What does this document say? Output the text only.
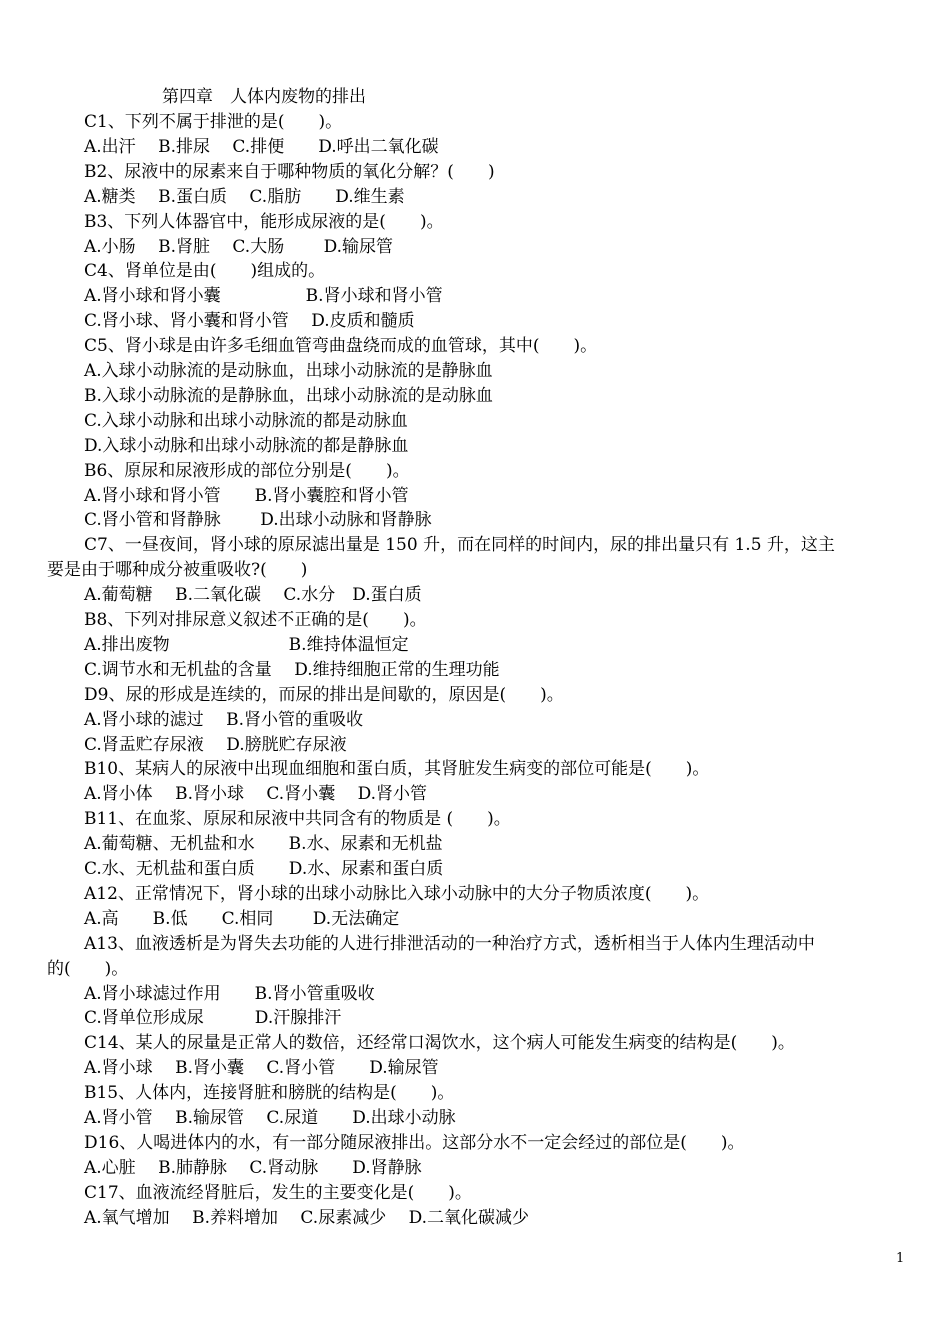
第四章　人体内废物的排出
C1、下列不属于排泄的是(　　)。
A.出汗　 B.排尿　 C.排便　　D.呼出二氧化碳
B2、尿液中的尿素来自于哪种物质的氧化分解？(　　)
A.糖类　 B.蛋白质　 C.脂肪　　D.维生素
B3、下列人体器官中，能形成尿液的是(　　)。
A.小肠　 B.肾脏　 C.大肠　　 D.输尿管
C4、肾单位是由(　　)组成的。
A.肾小球和肾小囊　　　　　B.肾小球和肾小管
C.肾小球、肾小囊和肾小管　 D.皮质和髓质
C5、肾小球是由许多毛细血管弯曲盘绕而成的血管球，其中(　　)。
A.入球小动脉流的是动脉血，出球小动脉流的是静脉血
B.入球小动脉流的是静脉血，出球小动脉流的是动脉血
C.入球小动脉和出球小动脉流的都是动脉血
D.入球小动脉和出球小动脉流的都是静脉血
B6、原尿和尿液形成的部位分别是(　　)。
A.肾小球和肾小管　　B.肾小囊腔和肾小管
C.肾小管和肾静脉　　 D.出球小动脉和肾静脉
C7、一昼夜间，肾小球的原尿滤出量是 150 升，而在同样的时间内，尿的排出量只有 1.5 升，这主
要是由于哪种成分被重吸收?(　　)
A.葡萄糖　 B.二氧化碳　 C.水分　D.蛋白质
B8、下列对排尿意义叙述不正确的是(　　)。
A.排出废物　　　　　　　B.维持体温恒定
C.调节水和无机盐的含量　 D.维持细胞正常的生理功能
D9、尿的形成是连续的，而尿的排出是间歇的，原因是(　　)。
A.肾小球的滤过　 B.肾小管的重吸收
C.肾盂贮存尿液　 D.膀胱贮存尿液
B10、某病人的尿液中出现血细胞和蛋白质，其肾脏发生病变的部位可能是(　　)。
A.肾小体　 B.肾小球　 C.肾小囊　 D.肾小管
B11、在血浆、原尿和尿液中共同含有的物质是 (　　)。
A.葡萄糖、无机盐和水　　B.水、尿素和无机盐
C.水、无机盐和蛋白质　　D.水、尿素和蛋白质
A12、正常情况下，肾小球的出球小动脉比入球小动脉中的大分子物质浓度(　　)。
A.高　　B.低　　C.相同　　 D.无法确定
A13、血液透析是为肾失去功能的人进行排泄活动的一种治疗方式，透析相当于人体内生理活动中
的(　　)。
A.肾小球滤过作用　　B.肾小管重吸收
C.肾单位形成尿　　　D.汗腺排汗
C14、某人的尿量是正常人的数倍，还经常口渴饮水，这个病人可能发生病变的结构是(　　)。
A.肾小球　 B.肾小囊　 C.肾小管　　D.输尿管
B15、人体内，连接肾脏和膀胱的结构是(　　)。
A.肾小管　 B.输尿管　 C.尿道　　D.出球小动脉
D16、人喝进体内的水，有一部分随尿液排出。这部分水不一定会经过的部位是(　　)。
A.心脏　 B.肺静脉　 C.肾动脉　　D.肾静脉
C17、血液流经肾脏后，发生的主要变化是(　　)。
A.氧气增加　 B.养料增加　 C.尿素减少　 D.二氧化碳减少
1
